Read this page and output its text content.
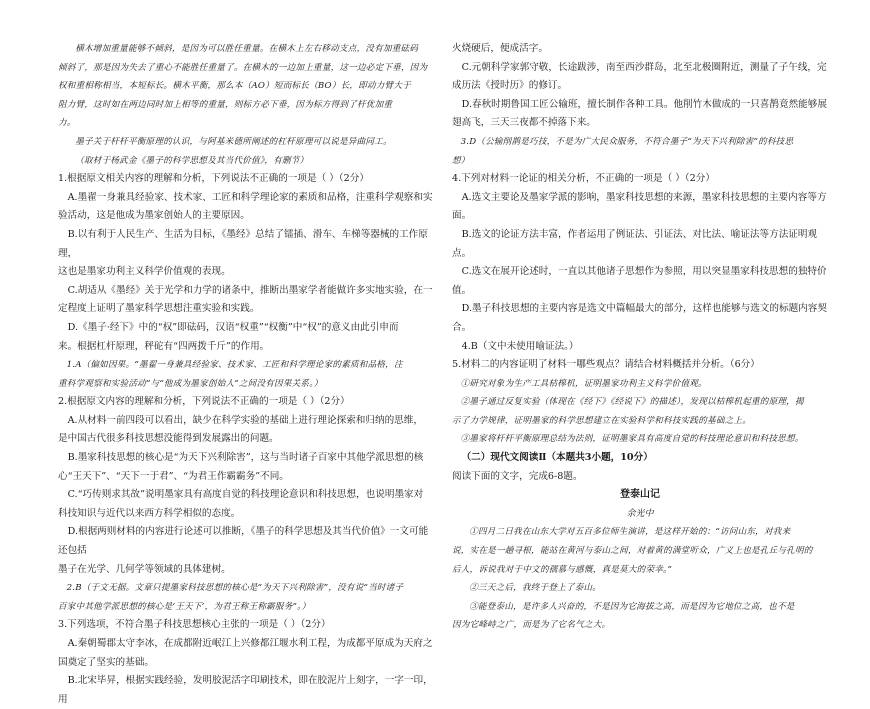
横木增加重量能够不倾斜，是因为可以胜任重量。在横木上左右移动支点，没有加重砝码

倾斜了，那是因为失去了重心不能胜任重量了。在横木的一边加上重量，这一边必定下垂，因为

权和重相称相当，本短标长。横木平衡，那么本（AO）短而标长（BO）长，即动力臂大于

阻力臂，这时如在两边同时加上相等的重量，则标方必下垂，因为标方得到了杆优加重

力。

墨子关于杆杆平衡原理的认识，与阿基米德所阐述的杠杆原理可以说是异曲同工。

（取材于杨武金《墨子的科学思想及其当代价值》，有删节）

1.根据原文相关内容的理解和分析，下列说法不正确的一项是（ ）（2分）

A.墨翟一身兼具经验家、技术家、工匠和科学理论家的素质和品格，注重科学观察和实

验活动，这是他成为墨家创始人的主要原因。

B.以有利于人民生产、生活为目标，《墨经》总结了镭插、滑车、车梯等器械的工作原理，

这也是墨家功利主义科学价值观的表现。

C.胡适从《墨经》关于光学和力学的诸条中，推断出墨家学者能做许多实地实验，在一

定程度上证明了墨家科学思想注重实验和实践。

D.《墨子·经下》中的“权”即砝码，汉语“权重”“权衡”中“权”的意义由此引申而

来。根据杠杆原理，秤砣有“四两拨千斤”的作用。

1.A（偏如因果。“墨翟一身兼具经验家、技术家、工匠和科学理论家的素质和品格，注

重科学观察和实验活动”与“他成为墨家创始人”之间没有因果关系。）

2.根据原文内容的理解和分析，下列说法不正确的一项是（ ）（2分）

A.从材料一前四段可以看出，缺少在科学实验的基础上进行理论探索和归纳的思维，

是中国古代很多科技思想没能得到发展露出的问题。

B.墨家科技思想的核心是“为天下兴利除害”，这与当时诸子百家中其他学派思想的核

心“王天下”、“天下一于君”、“为君王作霸霸务”不同。

C.“巧传则求其故”说明墨家具有高度自觉的科技理论意识和科技思想，也说明墨家对

科技知识与近代以来西方科学相似的态度。

D.根据两则材料的内容进行论述可以推断，《墨子的科学思想及其当代价值》一文可能还包括

墨子在光学、几何学等领域的具体建树。

2.B（于文无据。文章只提墨家科技思想的核心是“为天下兴利除害”，没有说“当时诸子

百家中其他学派思想的核心是‘王天下’，为君王称王称霸服务”。）

3.下列选项，不符合墨子科技思想核心主张的一项是（ ）（2分）

A.秦朝蜀郡太守李冰，在成都附近岷江上兴修都江堰水利工程，为成都平原成为天府之

国奠定了坚实的基础。

B.北宋毕昇，根据实践经验，发明胶泥活字印刷技术，即在胶泥片上刻字，一字一印，用

火烧硬后，便成活字。

C.元朝科学家郭守敬，长途跋涉，南至西沙群岛，北至北极圈附近，测量了子午线，完

成历法《授时历》的修订。

D.春秋时期鲁国工匠公输班，擅长制作各种工具。他削竹木做成的一只喜鹊竟然能够展

翅高飞，三天三夜都不掉落下来。

3.D（公输削鹊是巧技，不是为广大民众服务，不符合墨子“为天下兴利除害”的科技思

想）

4.下列对材料一论证的相关分析，不正确的一项是（ ）（2分）

A.选文主要论及墨家学派的影响，墨家科技思想的来源，墨家科技思想的主要内容等方

面。

B.选文的论证方法丰富，作者运用了例证法、引证法、对比法、喻证法等方法证明观点。

C.选文在展开论述时，一直以其他诸子思想作为参照，用以突显墨家科技思想的独特价

值。

D.墨子科技思想的主要内容是选文中篇幅最大的部分，这样也能够与选文的标题内容契

合。

4.B（文中未使用喻证法。）

5.材料二的内容证明了材料一哪些观点？请结合材料概括并分析。（6分）

①研究对象为生产工具桔槔机，证明墨家功利主义科学价值观。

②墨子通过反复实验（体现在《经下》《经说下》的描述），发现以桔槔机起重的原理，揭

示了力学规律，证明墨家的科学思想建立在实验科学和科技实践的基础之上。

③墨家将杆杆平衡原理总结为法则，证明墨家具有高度自觉的科技理论意识和科技思想。

（二）现代文阅读Ⅱ（本题共3小题，10分）

阅读下面的文字，完成6-8题。

登泰山记

余光中

①四月二日我在山东大学对五百多位师生演讲，是这样开始的：“访问山东，对我来

说，实在是一趟寻根，能站在黄河与泰山之间，对着黄的满堂听众，广义上也是孔丘与孔明的

后人，诉说我对于中文的孺慕与感慨，真是莫大的荣幸。”

②三天之后，我终于登上了泰山。

③能登泰山，是许多人兴奋的，不是因为它海拔之高，而是因为它地位之高，也不是

因为它峰峙之广，而是为了它名气之大。
